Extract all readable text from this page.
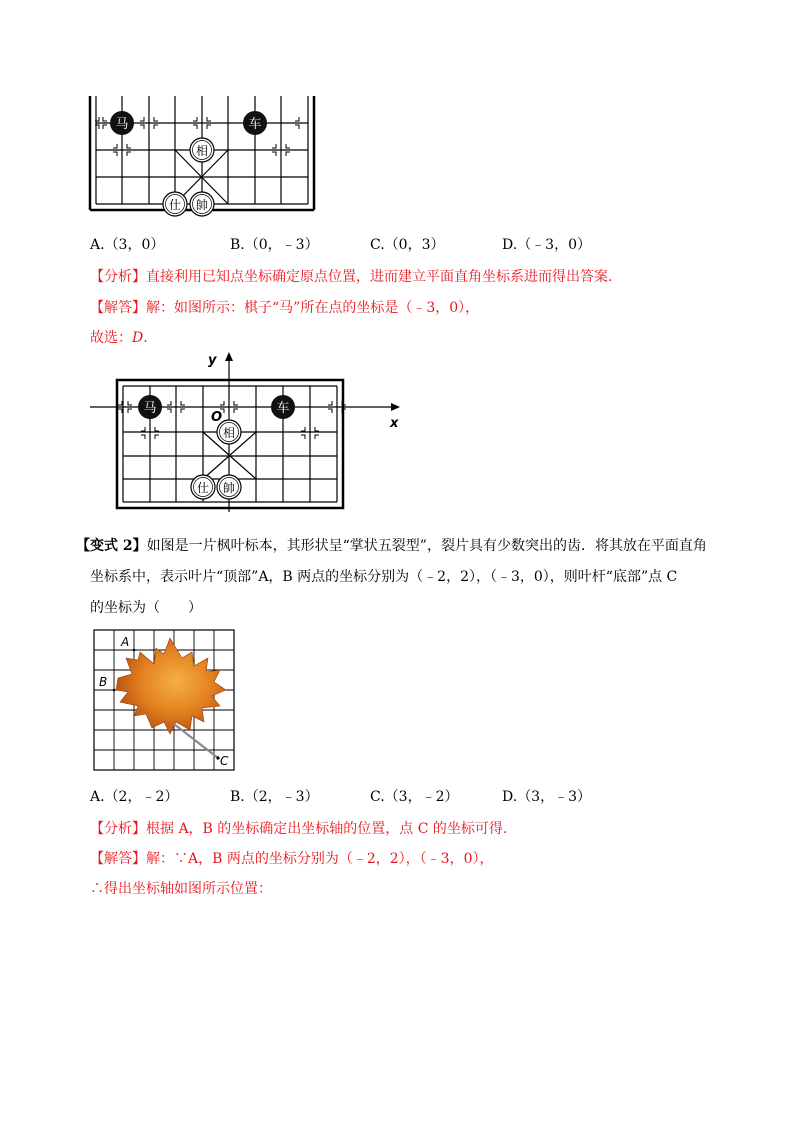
马	车
相
仕 帥
A.（3，0）	B.（0，﹣3）	C.（0，3）	D.（﹣3，0）
【分析】直接利用已知点坐标确定原点位置，进而建立平面直角坐标系进而得出答案.
【解答】解：如图所示：棋子“马”所在点的坐标是（﹣3，0），
故选：D.
马	车
相
仕 帥
y
x
O
【变式 2】如图是一片枫叶标本，其形状呈“掌状五裂型”，裂片具有少数突出的齿．将其放在平面直角
坐标系中，表示叶片“顶部”A，B 两点的坐标分别为（﹣2，2），（﹣3，0），则叶杆“底部”点 C
的坐标为（　　）
A
B
C
A.（2，﹣2）	B.（2，﹣3）	C.（3，﹣2）	D.（3，﹣3）
【分析】根据 A，B 的坐标确定出坐标轴的位置，点 C 的坐标可得.
【解答】解：∵A，B 两点的坐标分别为（﹣2，2），（﹣3，0），
∴得出坐标轴如图所示位置：
